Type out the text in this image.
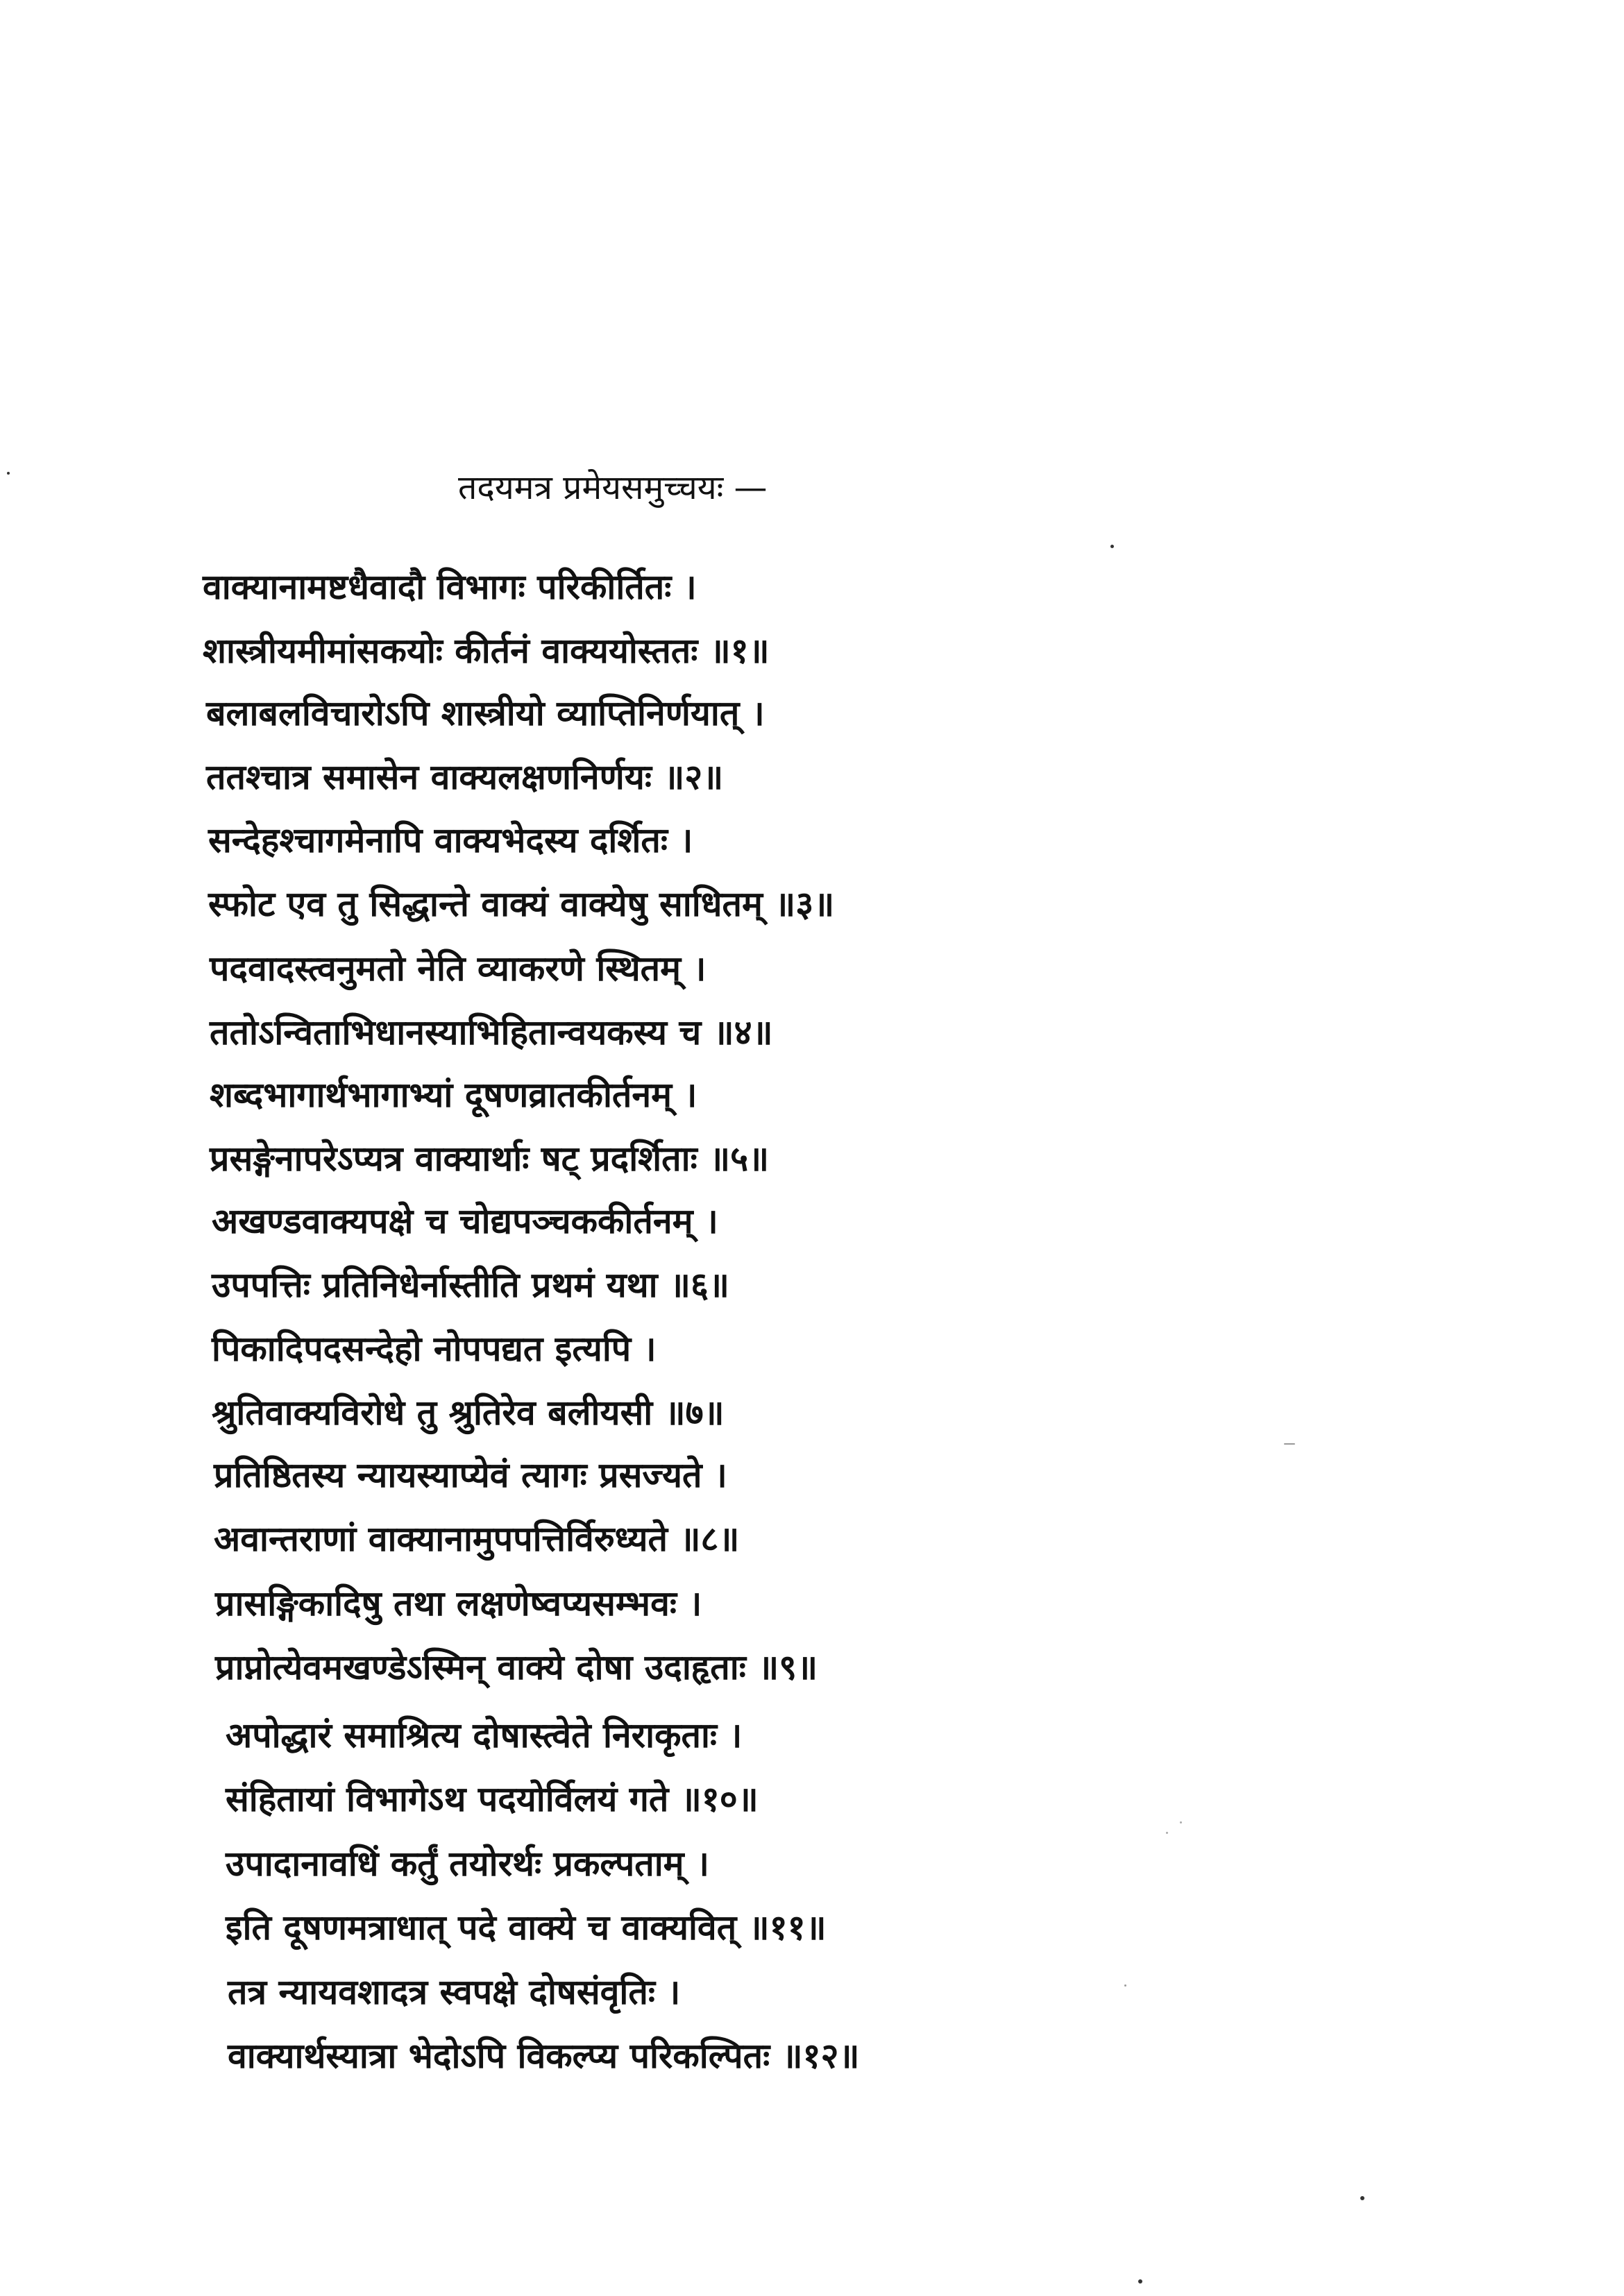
तदयमत्र प्रमेयसमुच्चयः —
वाक्यानामष्टधैवादौ विभागः परिकीर्तितः ।
शास्त्रीयमीमांसकयोः कीर्तनं वाक्ययोस्ततः ॥१॥
बलाबलविचारोऽपि शास्त्रीयो व्याप्तिनिर्णयात् ।
ततश्चात्र समासेन वाक्यलक्षणनिर्णयः ॥२॥
सन्देहश्चागमेनापि वाक्यभेदस्य दर्शितः ।
स्फोट एव तु सिद्धान्ते वाक्यं वाक्येषु साधितम् ॥३॥
पदवादस्त्वनुमतो नेति व्याकरणे स्थितम् ।
ततोऽन्विताभिधानस्याभिहितान्वयकस्य च ॥४॥
शब्दभागार्थभागाभ्यां दूषणव्रातकीर्तनम् ।
प्रसङ्गेनापरेऽप्यत्र वाक्यार्थाः षट् प्रदर्शिताः ॥५॥
अखण्डवाक्यपक्षे च चोद्यपञ्चककीर्तनम् ।
उपपत्तिः प्रतिनिधेर्नास्तीति प्रथमं यथा ॥६॥
पिकादिपदसन्देहो नोपपद्यत इत्यपि ।
श्रुतिवाक्यविरोधे तु श्रुतिरेव बलीयसी ॥७॥
प्रतिष्ठितस्य न्यायस्याप्येवं त्यागः प्रसज्यते ।
अवान्तराणां वाक्यानामुपपत्तिर्विरुध्यते ॥८॥
प्रासङ्गिकादिषु तथा लक्षणेष्वप्यसम्भवः ।
प्राप्नोत्येवमखण्डेऽस्मिन् वाक्ये दोषा उदाहृताः ॥९॥
अपोद्धारं समाश्रित्य दोषास्त्वेते निराकृताः ।
संहितायां विभागेऽथ पदयोर्विलयं गते ॥१०॥
उपादानावधिं कर्तुं तयोरर्थः प्रकल्पताम् ।
इति दूषणमत्राधात् पदे वाक्ये च वाक्यवित् ॥११॥
तत्र न्यायवशादत्र स्वपक्षे दोषसंवृतिः ।
वाक्यार्थस्यात्रा भेदोऽपि विकल्प्य परिकल्पितः ॥१२॥
